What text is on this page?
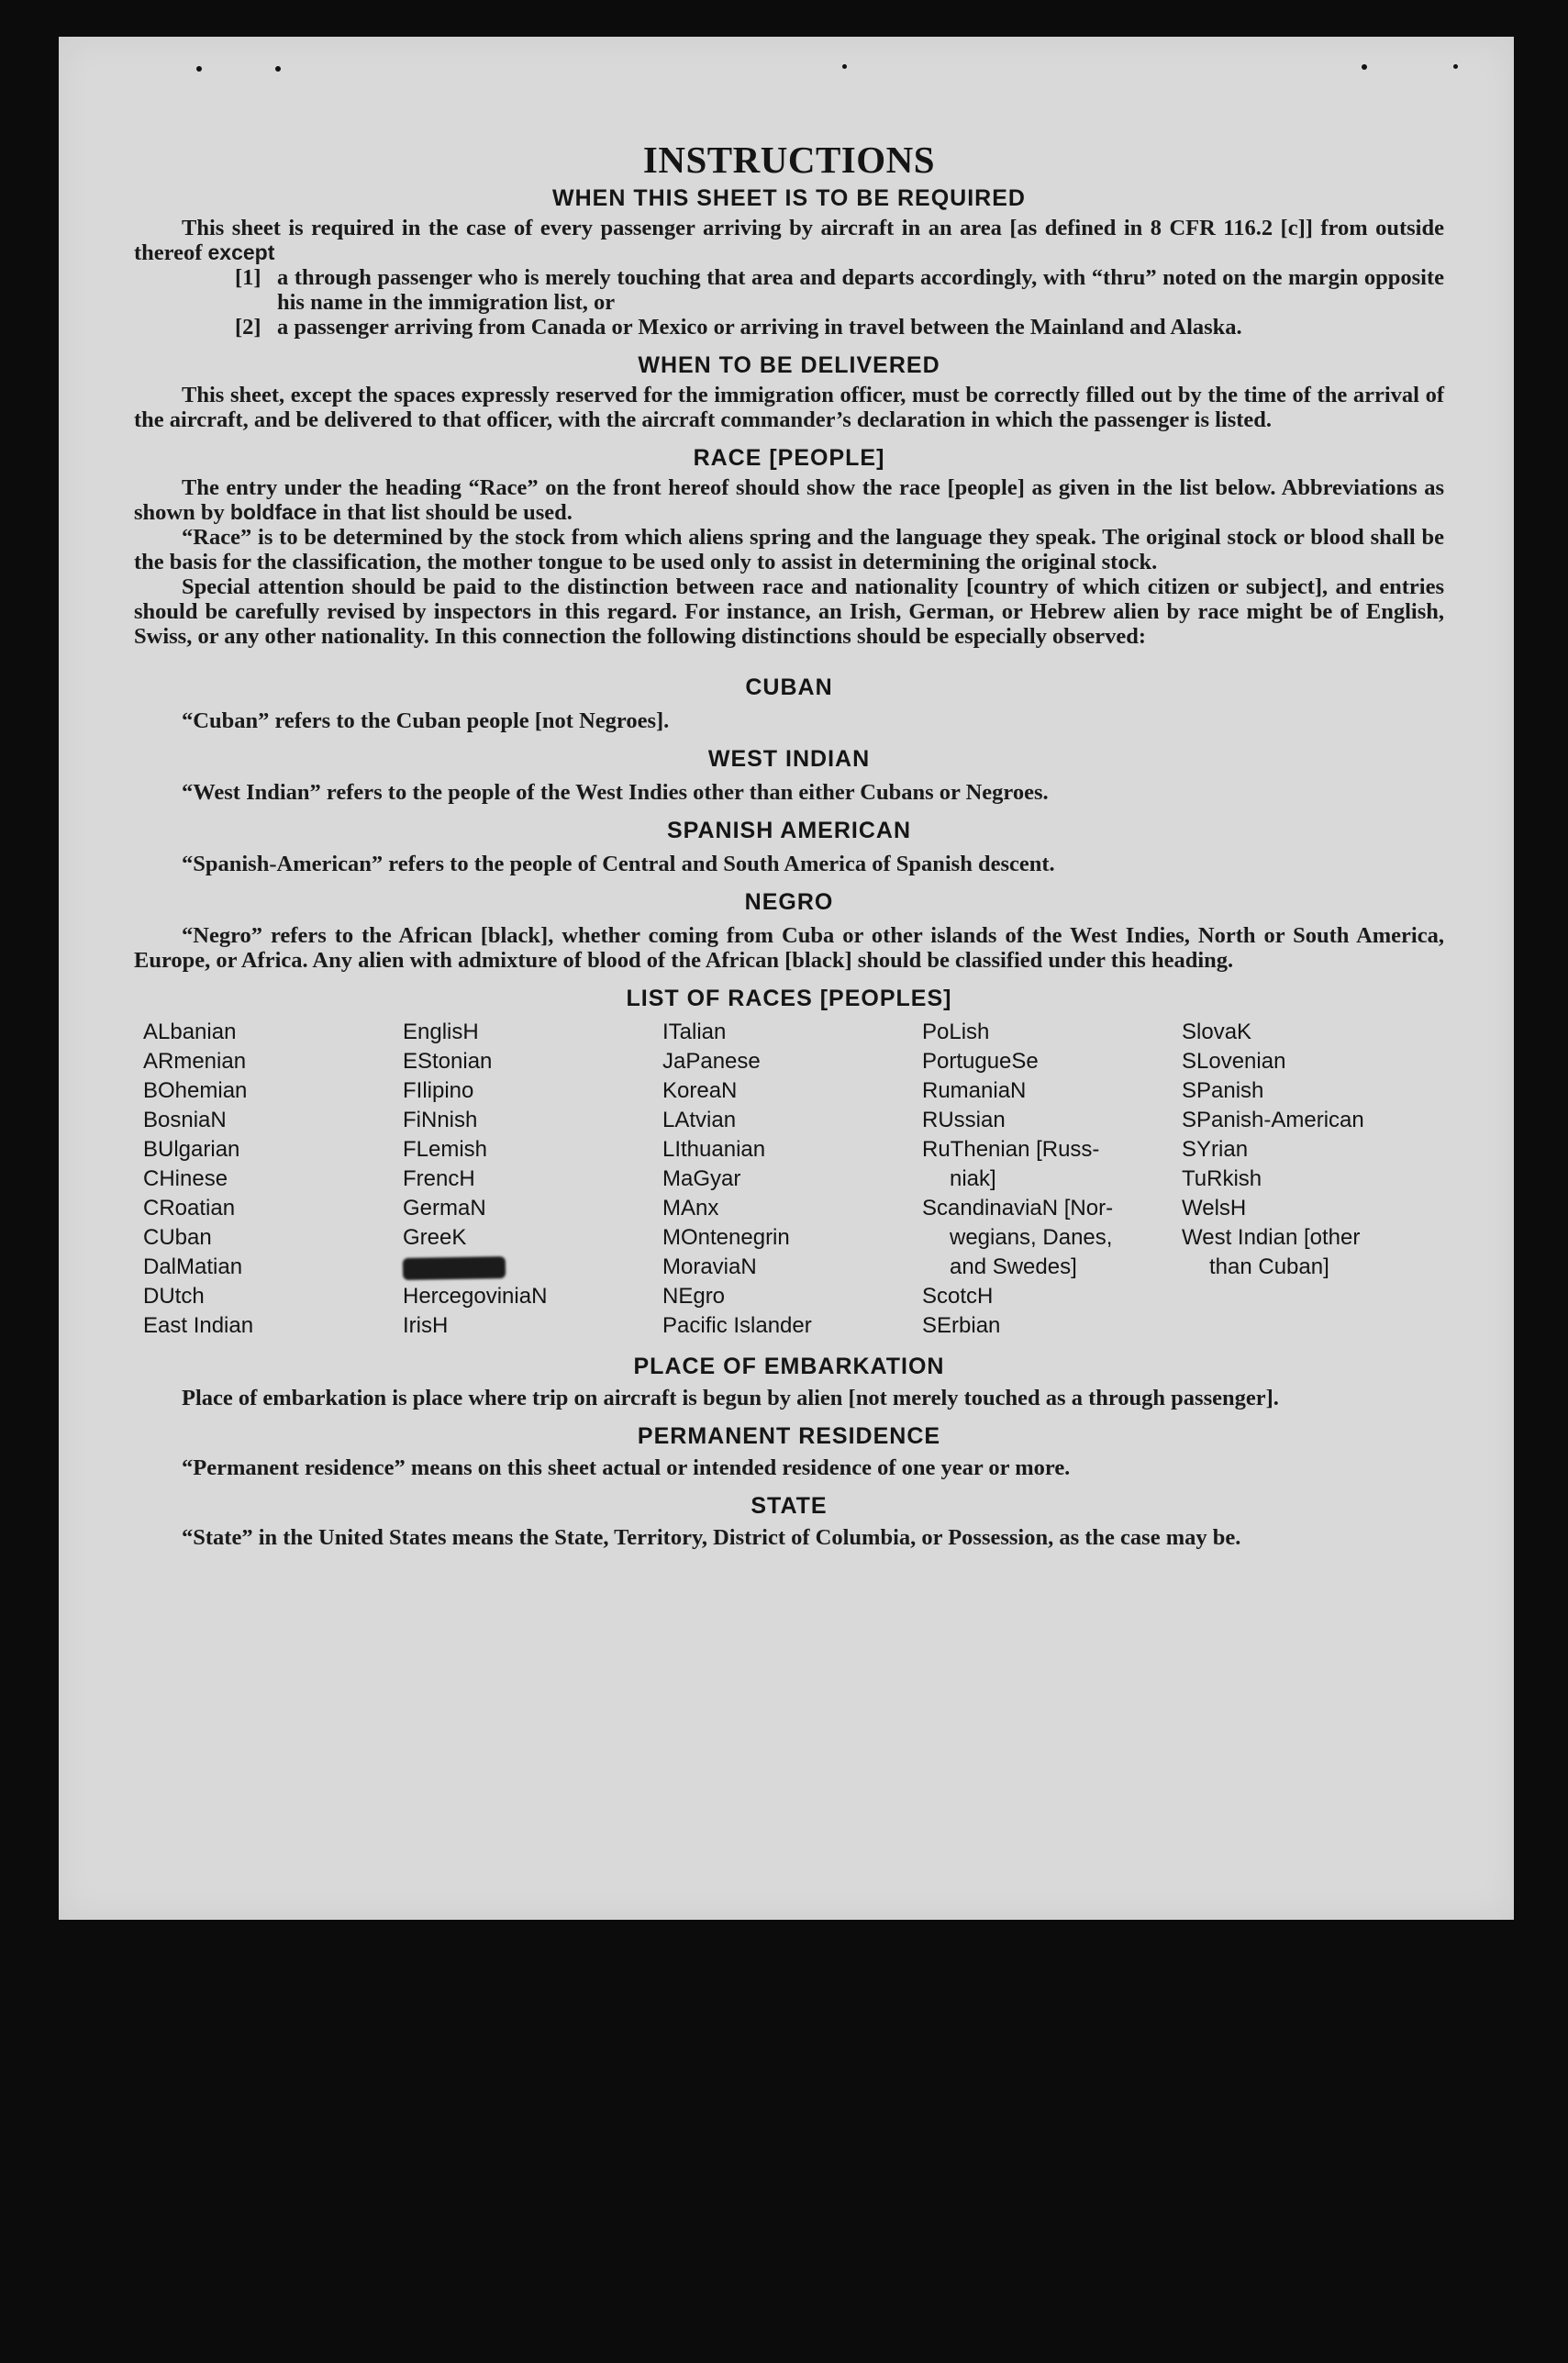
INSTRUCTIONS
WHEN THIS SHEET IS TO BE REQUIRED

This sheet is required in the case of every passenger arriving by aircraft in an area [as defined in 8 CFR 116.2 [c]] from outside thereof except

[1] a through passenger who is merely touching that area and departs accordingly, with “thru” noted on the margin opposite his name in the immigration list, or
[2] a passenger arriving from Canada or Mexico or arriving in travel between the Mainland and Alaska.
WHEN TO BE DELIVERED

This sheet, except the spaces expressly reserved for the immigration officer, must be correctly filled out by the time of the arrival of the aircraft, and be delivered to that officer, with the aircraft commander’s declaration in which the passenger is listed.

RACE [PEOPLE]

The entry under the heading “Race” on the front hereof should show the race [people] as given in the list below. Abbreviations as shown by boldface in that list should be used.

“Race” is to be determined by the stock from which aliens spring and the language they speak. The original stock or blood shall be the basis for the classification, the mother tongue to be used only to assist in determining the original stock.

Special attention should be paid to the distinction between race and nationality [country of which citizen or subject], and entries should be carefully revised by inspectors in this regard. For instance, an Irish, German, or Hebrew alien by race might be of English, Swiss, or any other nationality. In this connection the following distinctions should be especially observed:

CUBAN

“Cuban” refers to the Cuban people [not Negroes].

WEST INDIAN

“West Indian” refers to the people of the West Indies other than either Cubans or Negroes.

SPANISH AMERICAN

“Spanish-American” refers to the people of Central and South America of Spanish descent.

NEGRO

“Negro” refers to the African [black], whether coming from Cuba or other islands of the West Indies, North or South America, Europe, or Africa. Any alien with admixture of blood of the African [black] should be classified under this heading.

LIST OF RACES [PEOPLES]
ALbanian
ARmenian
BOhemian
BosniaN
BUlgarian
CHinese
CRoatian
CUban
DalMatian
DUtch
East Indian
EnglisH
EStonian
FIlipino
FiNnish
FLemish
FrencH
GermaN
GreeK
HercegoviniaN
IrisH
ITalian
JaPanese
KoreaN
LAtvian
LIthuanian
MaGyar
MAnx
MOntenegrin
MoraviaN
NEgro
Pacific Islander
PoLish
PortugueSe
RumaniaN
RUssian
RuThenian [Russ-
niak]
ScandinaviaN [Nor-
wegians, Danes,
and Swedes]
ScotcH
SErbian
SlovaK
SLovenian
SPanish
SPanish-American
SYrian
TuRkish
WelsH
West Indian [other
than Cuban]
PLACE OF EMBARKATION

Place of embarkation is place where trip on aircraft is begun by alien [not merely touched as a through passenger].

PERMANENT RESIDENCE

“Permanent residence” means on this sheet actual or intended residence of one year or more.

STATE

“State” in the United States means the State, Territory, District of Columbia, or Possession, as the case may be.
